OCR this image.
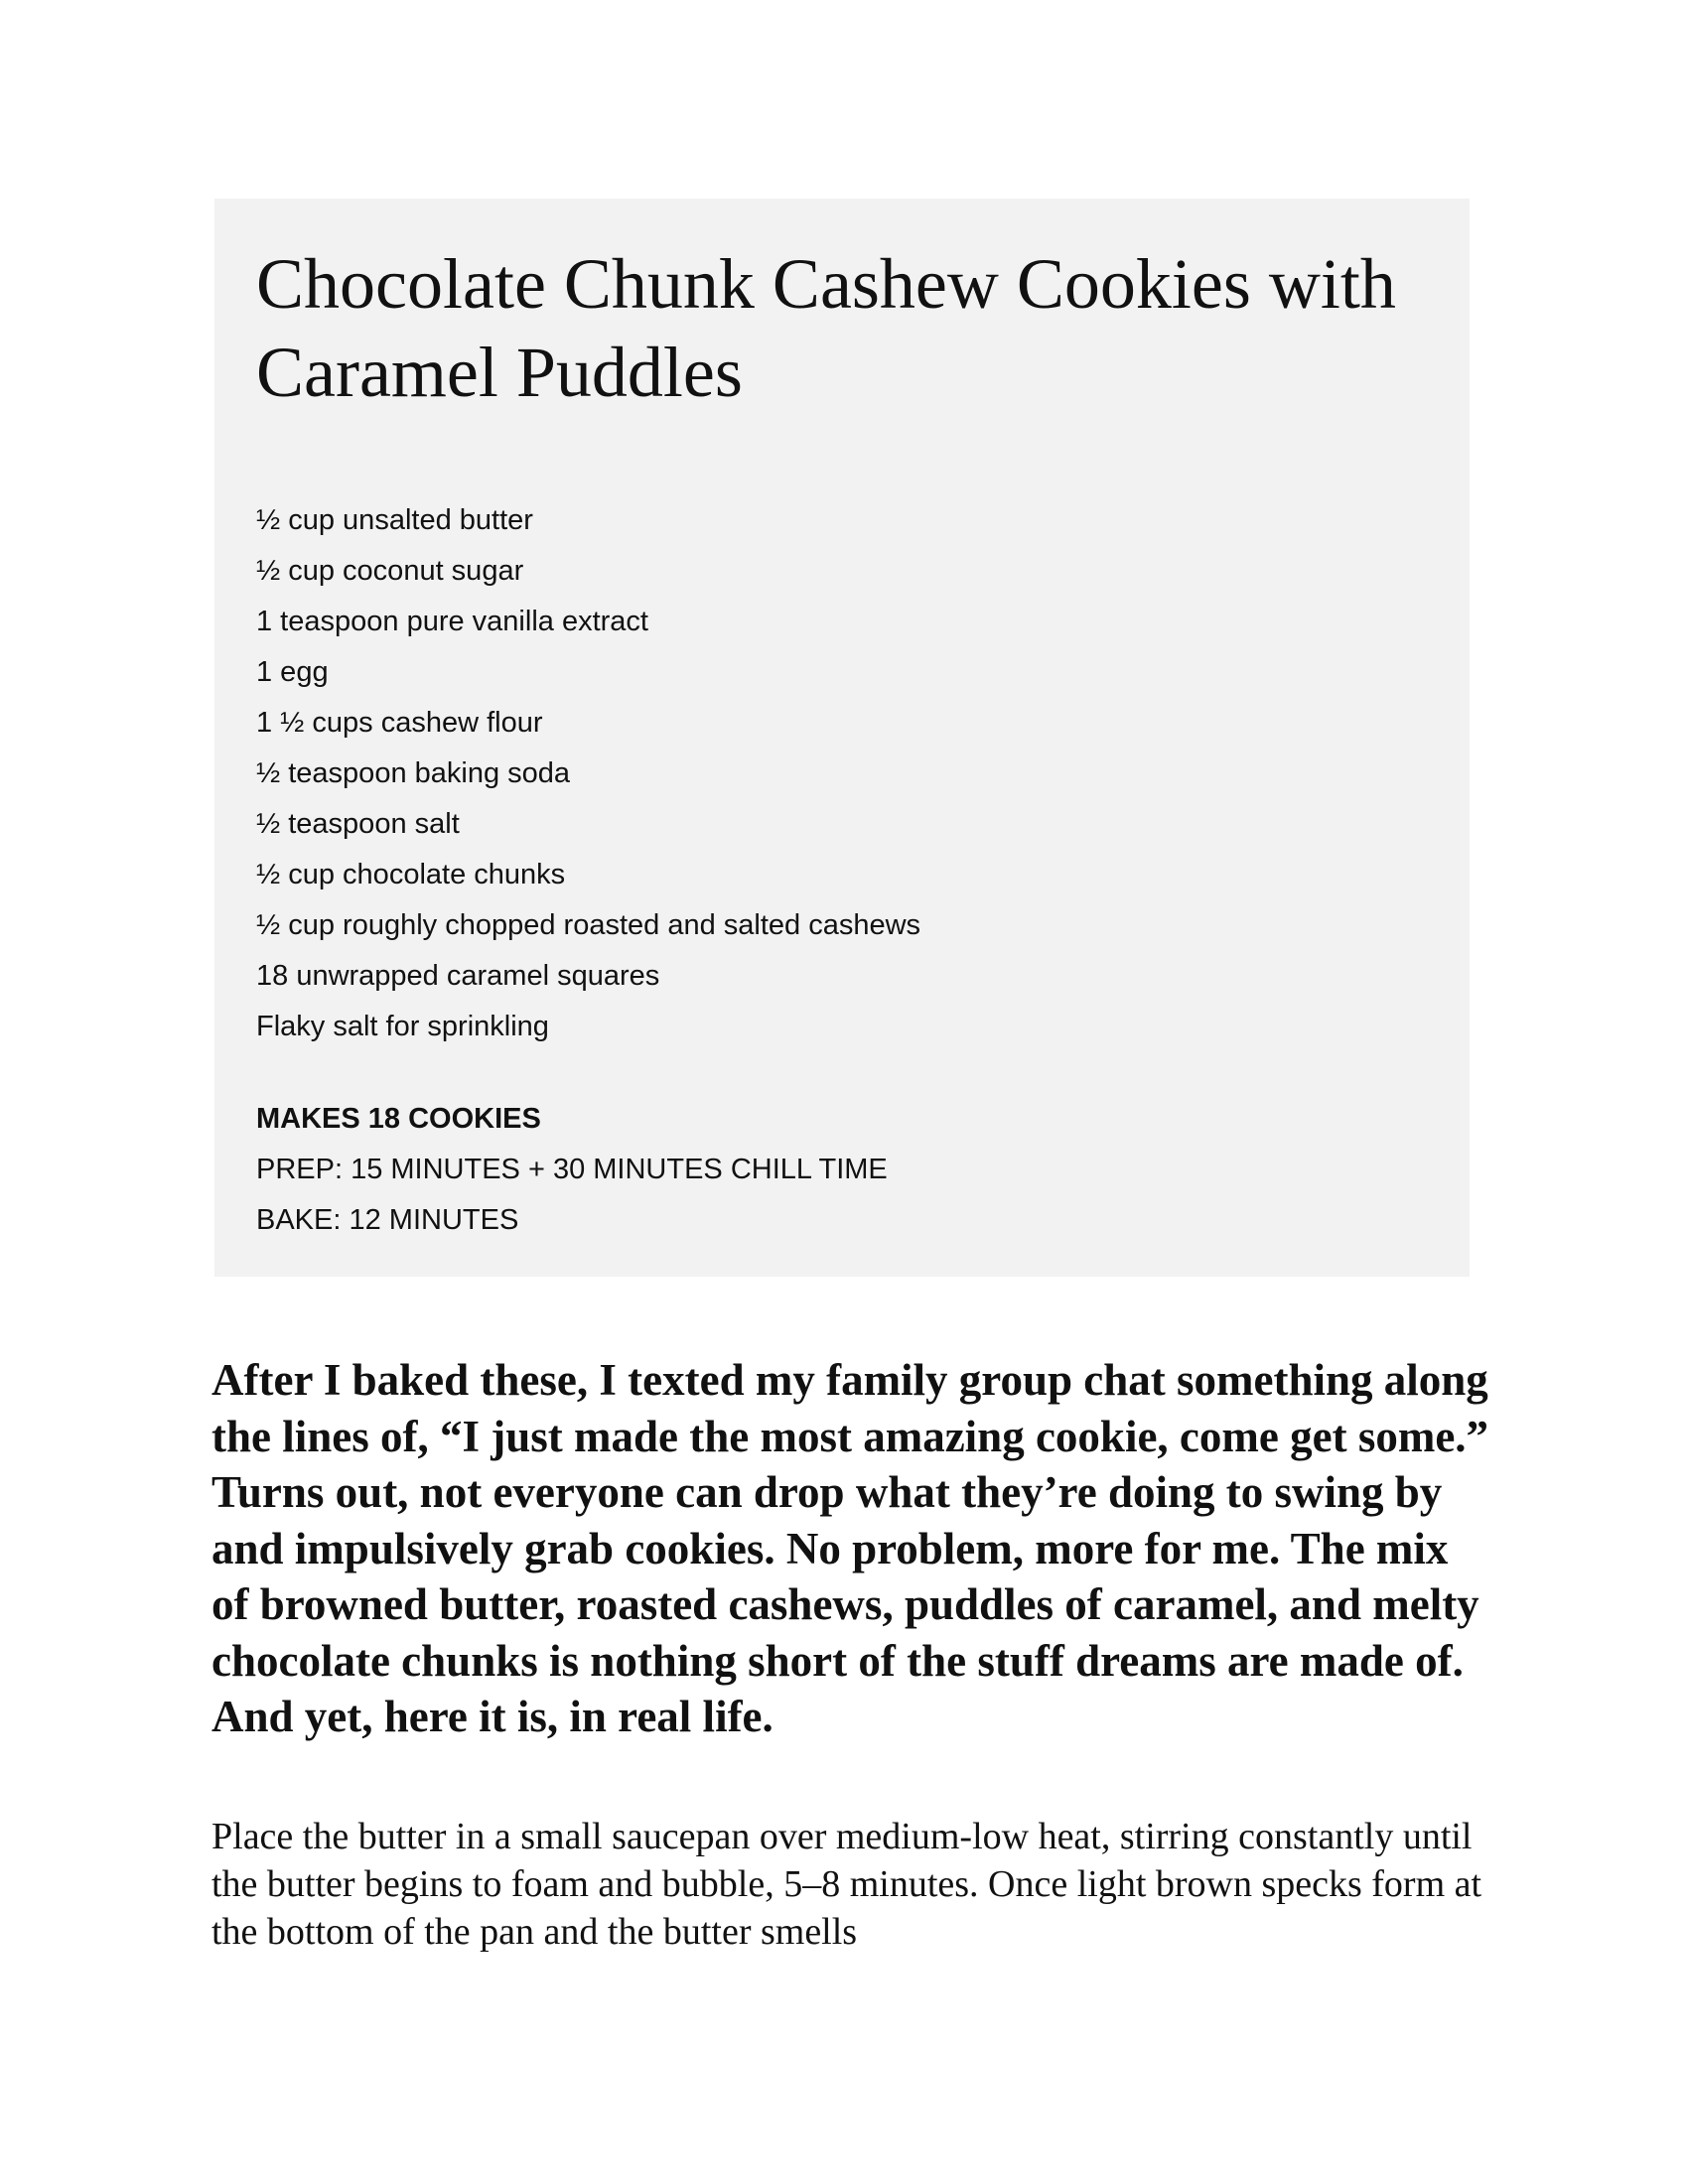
Chocolate Chunk Cashew Cookies with Caramel Puddles
½ cup unsalted butter
½ cup coconut sugar
1 teaspoon pure vanilla extract
1 egg
1 ½ cups cashew flour
½ teaspoon baking soda
½ teaspoon salt
½ cup chocolate chunks
½ cup roughly chopped roasted and salted cashews
18 unwrapped caramel squares
Flaky salt for sprinkling
MAKES 18 COOKIES
PREP: 15 MINUTES + 30 MINUTES CHILL TIME
BAKE: 12 MINUTES

After I baked these, I texted my family group chat something along the lines of, “I just made the most amazing cookie, come get some.” Turns out, not everyone can drop what they’re doing to swing by and impulsively grab cookies. No problem, more for me. The mix of browned butter, roasted cashews, puddles of caramel, and melty chocolate chunks is nothing short of the stuff dreams are made of. And yet, here it is, in real life.

Place the butter in a small saucepan over medium-low heat, stirring constantly until the butter begins to foam and bubble, 5–8 minutes. Once light brown specks form at the bottom of the pan and the butter smells
